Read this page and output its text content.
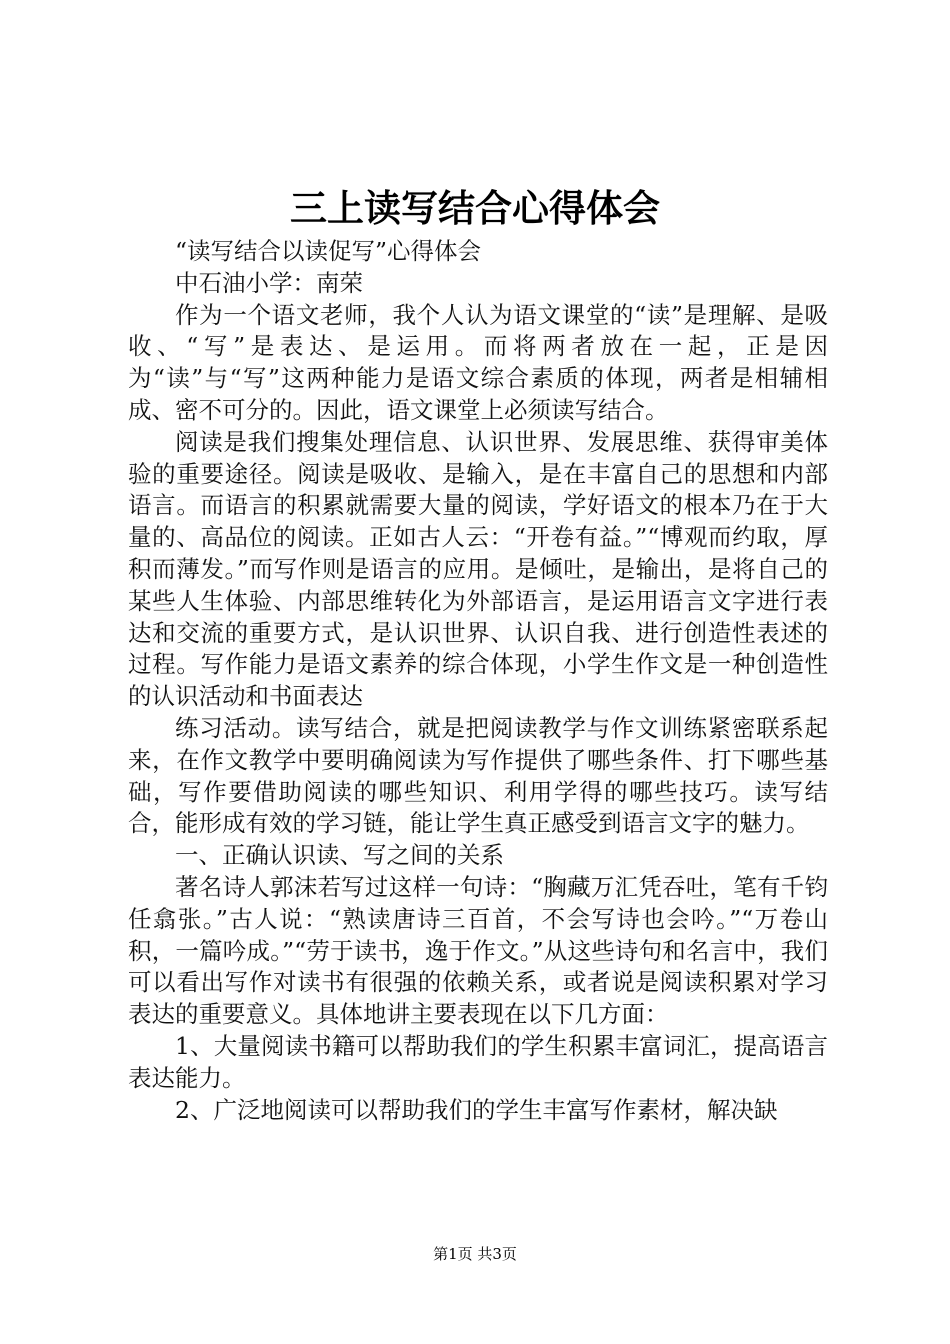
三上读写结合心得体会

“读写结合以读促写”心得体会

中石油小学：南荣

作为一个语文老师，我个人认为语文课堂的“读”是理解、是吸收、“写”是表达、是运用。而将两者放在一起，正是因为“读”与“写”这两种能力是语文综合素质的体现，两者是相辅相成、密不可分的。因此，语文课堂上必须读写结合。

阅读是我们搜集处理信息、认识世界、发展思维、获得审美体验的重要途径。阅读是吸收、是输入，是在丰富自己的思想和内部语言。而语言的积累就需要大量的阅读，学好语文的根本乃在于大量的、高品位的阅读。正如古人云：“开卷有益。”“博观而约取，厚积而薄发。”而写作则是语言的应用。是倾吐，是输出，是将自己的某些人生体验、内部思维转化为外部语言，是运用语言文字进行表达和交流的重要方式，是认识世界、认识自我、进行创造性表述的过程。写作能力是语文素养的综合体现，小学生作文是一种创造性的认识活动和书面表达

练习活动。读写结合，就是把阅读教学与作文训练紧密联系起来，在作文教学中要明确阅读为写作提供了哪些条件、打下哪些基础，写作要借助阅读的哪些知识、利用学得的哪些技巧。读写结合，能形成有效的学习链，能让学生真正感受到语言文字的魅力。

一、正确认识读、写之间的关系

著名诗人郭沫若写过这样一句诗：“胸藏万汇凭吞吐，笔有千钧任翕张。”古人说：“熟读唐诗三百首，不会写诗也会吟。”“万卷山积，一篇吟成。”“劳于读书，逸于作文。”从这些诗句和名言中，我们可以看出写作对读书有很强的依赖关系，或者说是阅读积累对学习表达的重要意义。具体地讲主要表现在以下几方面：

1、大量阅读书籍可以帮助我们的学生积累丰富词汇，提高语言表达能力。

2、广泛地阅读可以帮助我们的学生丰富写作素材，解决缺

第1页 共3页
